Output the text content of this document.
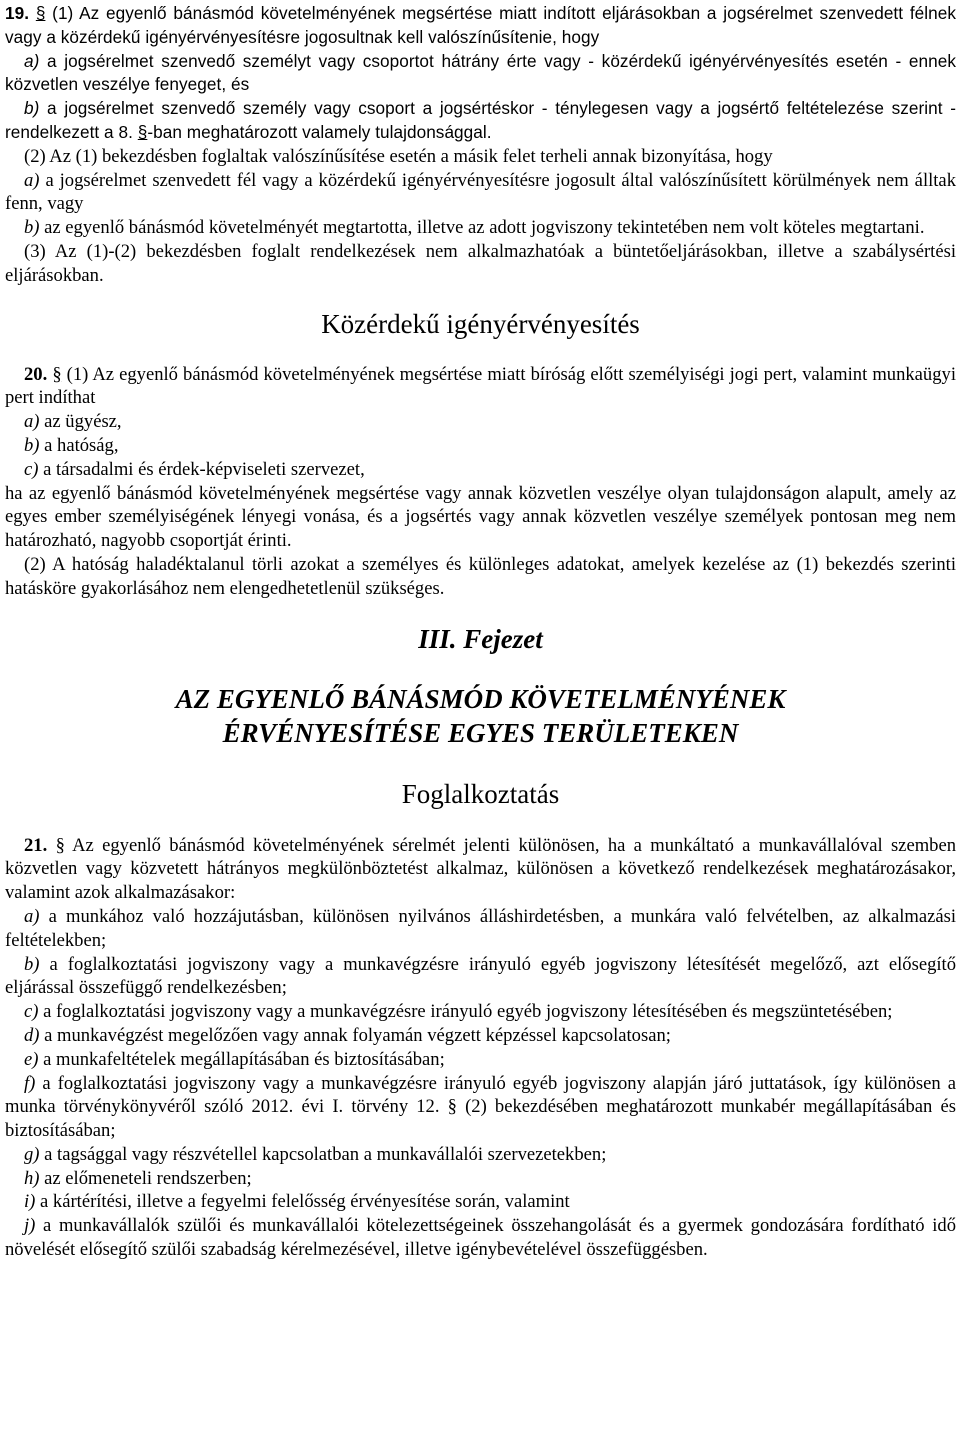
19. § (1) Az egyenlő bánásmód követelményének megsértése miatt indított eljárásokban a jogsérelmet szenvedett félnek vagy a közérdekű igényérvényesítésre jogosultnak kell valószínűsítenie, hogy

a) a jogsérelmet szenvedő személyt vagy csoportot hátrány érte vagy - közérdekű igényérvényesítés esetén - ennek közvetlen veszélye fenyeget, és

b) a jogsérelmet szenvedő személy vagy csoport a jogsértéskor - ténylegesen vagy a jogsértő feltételezése szerint - rendelkezett a 8. §-ban meghatározott valamely tulajdonsággal.

(2) Az (1) bekezdésben foglaltak valószínűsítése esetén a másik felet terheli annak bizonyítása, hogy

a) a jogsérelmet szenvedett fél vagy a közérdekű igényérvényesítésre jogosult által valószínűsített körülmények nem álltak fenn, vagy

b) az egyenlő bánásmód követelményét megtartotta, illetve az adott jogviszony tekintetében nem volt köteles megtartani.

(3) Az (1)-(2) bekezdésben foglalt rendelkezések nem alkalmazhatóak a büntetőeljárásokban, illetve a szabálysértési eljárásokban.

Közérdekű igényérvényesítés

20. § (1) Az egyenlő bánásmód követelményének megsértése miatt bíróság előtt személyiségi jogi pert, valamint munkaügyi pert indíthat

a) az ügyész,

b) a hatóság,

c) a társadalmi és érdek-képviseleti szervezet,

ha az egyenlő bánásmód követelményének megsértése vagy annak közvetlen veszélye olyan tulajdonságon alapult, amely az egyes ember személyiségének lényegi vonása, és a jogsértés vagy annak közvetlen veszélye személyek pontosan meg nem határozható, nagyobb csoportját érinti.

(2) A hatóság haladéktalanul törli azokat a személyes és különleges adatokat, amelyek kezelése az (1) bekezdés szerinti hatásköre gyakorlásához nem elengedhetetlenül szükséges.

III. Fejezet
AZ EGYENLŐ BÁNÁSMÓD KÖVETELMÉNYÉNEK
ÉRVÉNYESÍTÉSE EGYES TERÜLETEKEN
Foglalkoztatás

21. § Az egyenlő bánásmód követelményének sérelmét jelenti különösen, ha a munkáltató a munkavállalóval szemben közvetlen vagy közvetett hátrányos megkülönböztetést alkalmaz, különösen a következő rendelkezések meghatározásakor, valamint azok alkalmazásakor:

a) a munkához való hozzájutásban, különösen nyilvános álláshirdetésben, a munkára való felvételben, az alkalmazási feltételekben;

b) a foglalkoztatási jogviszony vagy a munkavégzésre irányuló egyéb jogviszony létesítését megelőző, azt elősegítő eljárással összefüggő rendelkezésben;

c) a foglalkoztatási jogviszony vagy a munkavégzésre irányuló egyéb jogviszony létesítésében és megszüntetésében;

d) a munkavégzést megelőzően vagy annak folyamán végzett képzéssel kapcsolatosan;

e) a munkafeltételek megállapításában és biztosításában;

f) a foglalkoztatási jogviszony vagy a munkavégzésre irányuló egyéb jogviszony alapján járó juttatások, így különösen a munka törvénykönyvéről szóló 2012. évi I. törvény 12. § (2) bekezdésében meghatározott munkabér megállapításában és biztosításában;

g) a tagsággal vagy részvétellel kapcsolatban a munkavállalói szervezetekben;

h) az előmeneteli rendszerben;

i) a kártérítési, illetve a fegyelmi felelősség érvényesítése során, valamint

j) a munkavállalók szülői és munkavállalói kötelezettségeinek összehangolását és a gyermek gondozására fordítható idő növelését elősegítő szülői szabadság kérelmezésével, illetve igénybevételével összefüggésben.
